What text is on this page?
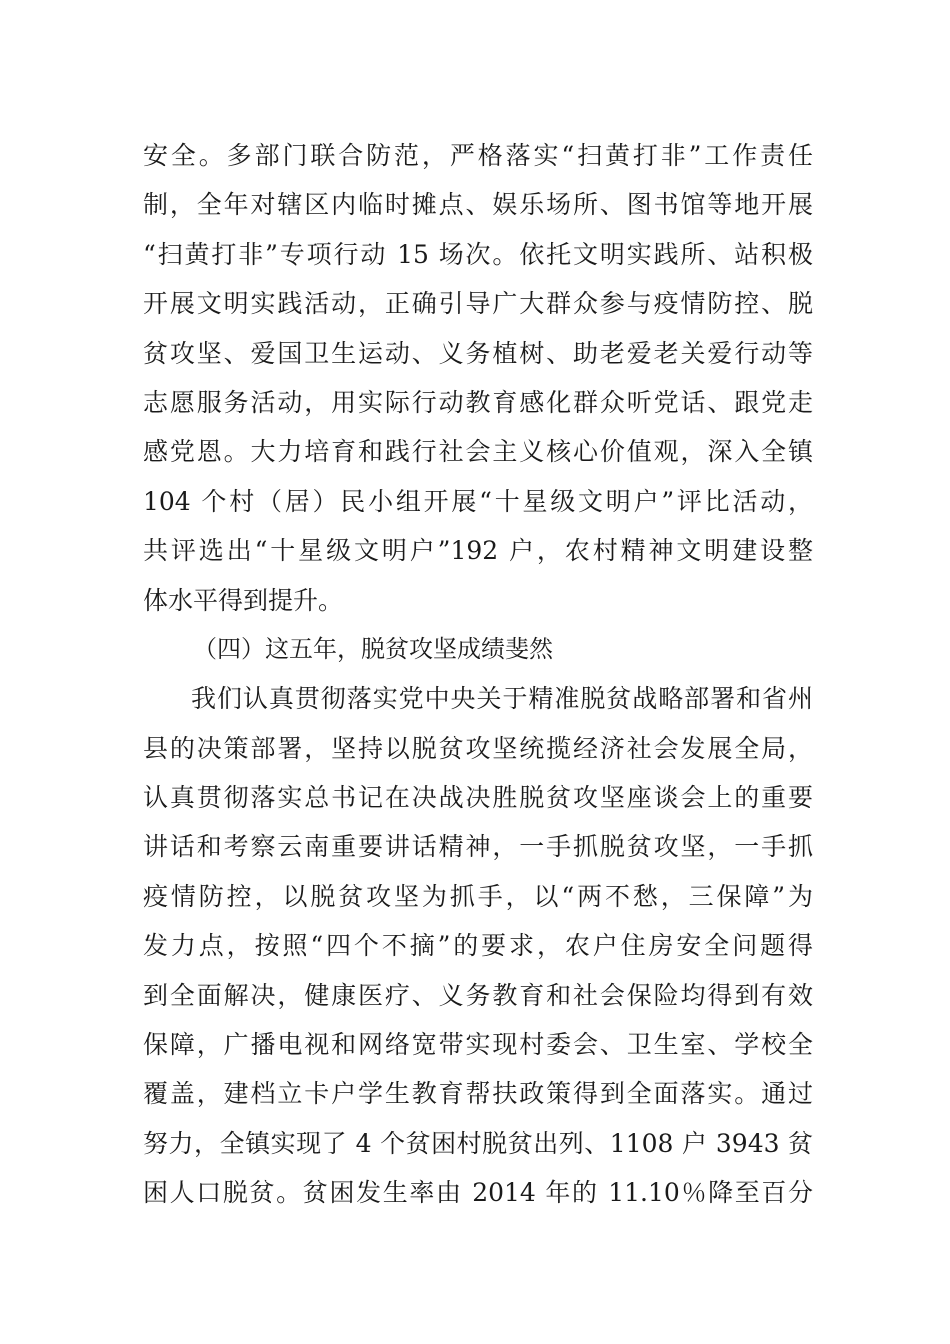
安全。多部门联合防范，严格落实“扫黄打非”工作责任
制，全年对辖区内临时摊点、娱乐场所、图书馆等地开展
“扫黄打非”专项行动 15 场次。依托文明实践所、站积极
开展文明实践活动，正确引导广大群众参与疫情防控、脱
贫攻坚、爱国卫生运动、义务植树、助老爱老关爱行动等
志愿服务活动，用实际行动教育感化群众听党话、跟党走
感党恩。大力培育和践行社会主义核心价值观，深入全镇
104 个村（居）民小组开展“十星级文明户”评比活动，
共评选出“十星级文明户”192 户，农村精神文明建设整
体水平得到提升。
（四）这五年，脱贫攻坚成绩斐然
我们认真贯彻落实党中央关于精准脱贫战略部署和省州
县的决策部署，坚持以脱贫攻坚统揽经济社会发展全局，
认真贯彻落实总书记在决战决胜脱贫攻坚座谈会上的重要
讲话和考察云南重要讲话精神，一手抓脱贫攻坚，一手抓
疫情防控，以脱贫攻坚为抓手，以“两不愁，三保障”为
发力点，按照“四个不摘”的要求，农户住房安全问题得
到全面解决，健康医疗、义务教育和社会保险均得到有效
保障，广播电视和网络宽带实现村委会、卫生室、学校全
覆盖，建档立卡户学生教育帮扶政策得到全面落实。通过
努力，全镇实现了 4 个贫困村脱贫出列、1108 户 3943 贫
困人口脱贫。贫困发生率由 2014 年的 11.10％降至百分
